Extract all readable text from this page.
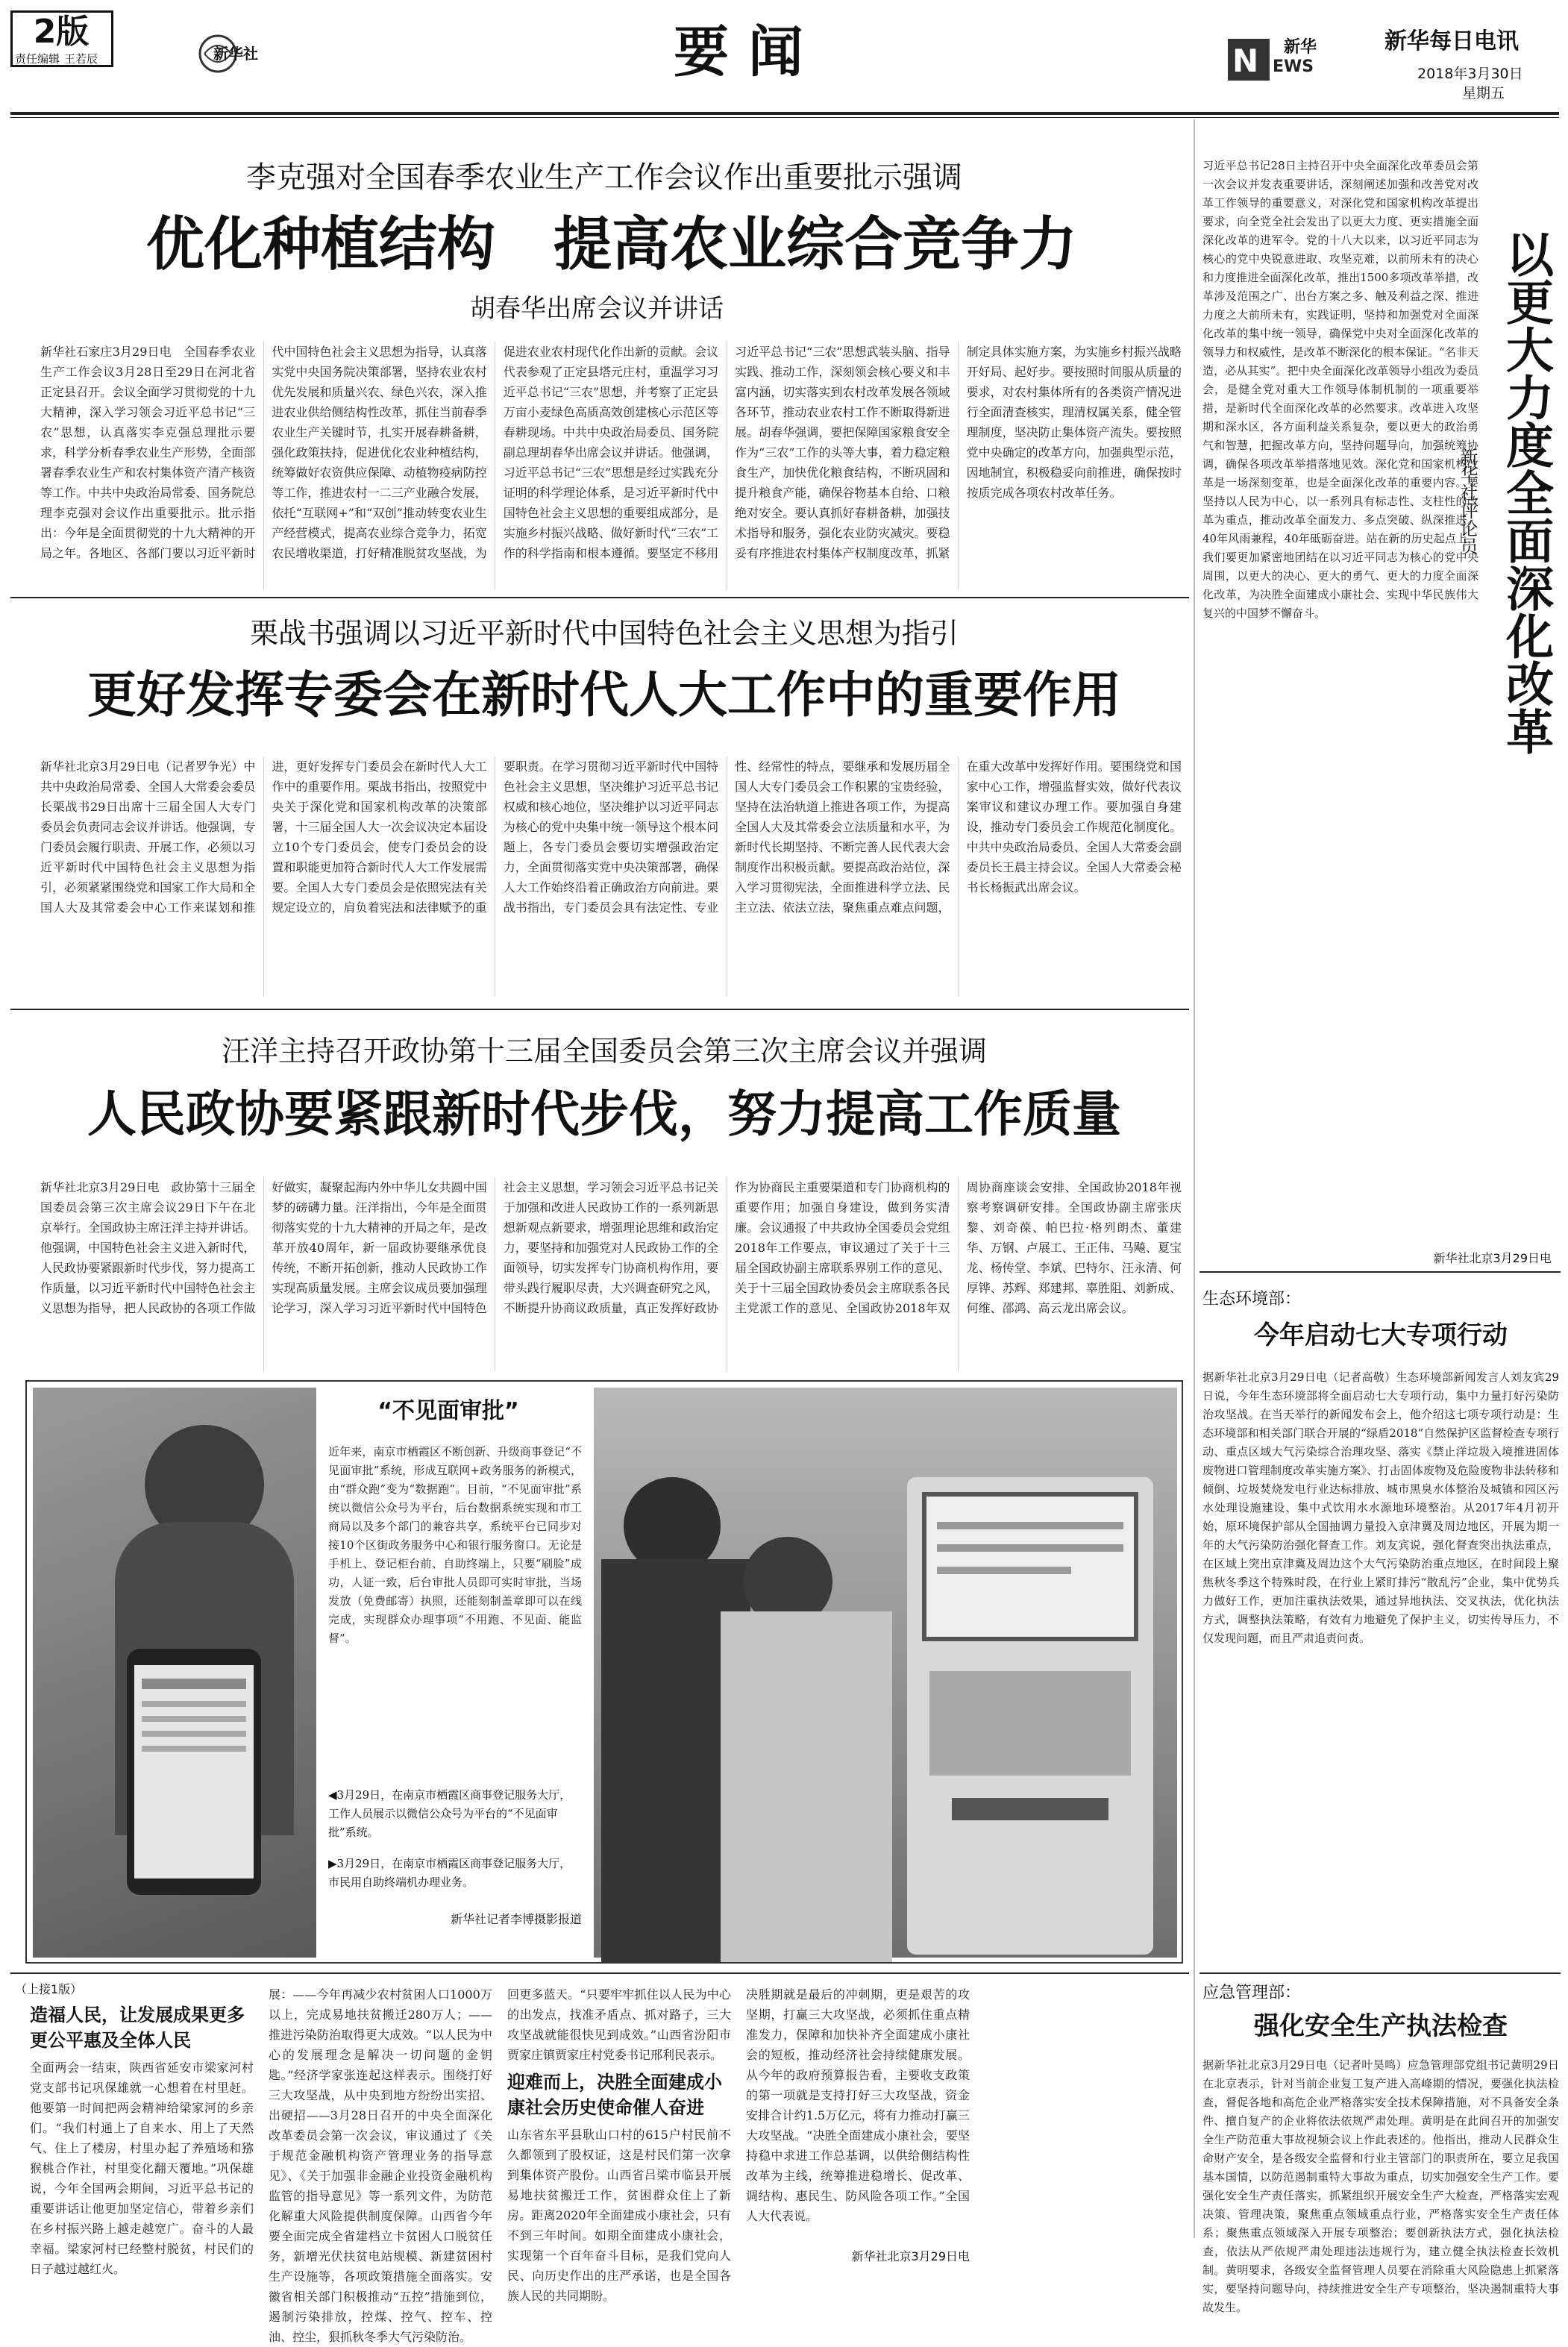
2版
责任编辑 王若辰	新华社	要 闻	N EWS
新华	新华每日电讯
2018年3月30日
星期五
李克强对全国春季农业生产工作会议作出重要批示强调
优化种植结构　提高农业综合竞争力
胡春华出席会议并讲话
新华社石家庄3月29日电　全国春季农业生产工作会议3月28日至29日在河北省正定县召开。会议全面学习贯彻党的十九大精神，深入学习领会习近平总书记“三农”思想，认真落实李克强总理批示要求，科学分析春季农业生产形势，全面部署春季农业生产和农村集体资产清产核资等工作。中共中央政治局常委、国务院总理李克强对会议作出重要批示。批示指出：今年是全面贯彻党的十九大精神的开局之年。各地区、各部门要以习近平新时代中国特色社会主义思想为指导，认真落实党中央国务院决策部署，坚持农业农村优先发展和质量兴农、绿色兴农，深入推进农业供给侧结构性改革，抓住当前春季农业生产关键时节，扎实开展春耕备耕，强化政策扶持，促进优化农业种植结构，统筹做好农资供应保障、动植物疫病防控等工作，推进农村一二三产业融合发展，依托“互联网+”和“双创”推动转变农业生产经营模式，提高农业综合竞争力，拓宽农民增收渠道，打好精准脱贫攻坚战，为促进农业农村现代化作出新的贡献。会议代表参观了正定县塔元庄村，重温学习习近平总书记“三农”思想，并考察了正定县万亩小麦绿色高质高效创建核心示范区等春耕现场。中共中央政治局委员、国务院副总理胡春华出席会议并讲话。他强调，习近平总书记“三农”思想是经过实践充分证明的科学理论体系，是习近平新时代中国特色社会主义思想的重要组成部分，是实施乡村振兴战略、做好新时代“三农”工作的科学指南和根本遵循。要坚定不移用习近平总书记“三农”思想武装头脑、指导实践、推动工作，深刻领会核心要义和丰富内涵，切实落实到农村改革发展各领域各环节，推动农业农村工作不断取得新进展。胡春华强调，要把保障国家粮食安全作为“三农”工作的头等大事，着力稳定粮食生产，加快优化粮食结构，不断巩固和提升粮食产能，确保谷物基本自给、口粮绝对安全。要认真抓好春耕备耕，加强技术指导和服务，强化农业防灾减灾。要稳妥有序推进农村集体产权制度改革，抓紧制定具体实施方案，为实施乡村振兴战略开好局、起好步。要按照时间服从质量的要求，对农村集体所有的各类资产情况进行全面清查核实，理清权属关系，健全管理制度，坚决防止集体资产流失。要按照党中央确定的改革方向，加强典型示范，因地制宜，积极稳妥向前推进，确保按时按质完成各项农村改革任务。
栗战书强调以习近平新时代中国特色社会主义思想为指引
更好发挥专委会在新时代人大工作中的重要作用
新华社北京3月29日电（记者罗争光）中共中央政治局常委、全国人大常委会委员长栗战书29日出席十三届全国人大专门委员会负责同志会议并讲话。他强调，专门委员会履行职责、开展工作，必须以习近平新时代中国特色社会主义思想为指引，必须紧紧围绕党和国家工作大局和全国人大及其常委会中心工作来谋划和推进，更好发挥专门委员会在新时代人大工作中的重要作用。栗战书指出，按照党中央关于深化党和国家机构改革的决策部署，十三届全国人大一次会议决定本届设立10个专门委员会，使专门委员会的设置和职能更加符合新时代人大工作发展需要。全国人大专门委员会是依照宪法有关规定设立的，肩负着宪法和法律赋予的重要职责。在学习贯彻习近平新时代中国特色社会主义思想，坚决维护习近平总书记权威和核心地位，坚决维护以习近平同志为核心的党中央集中统一领导这个根本问题上，各专门委员会要切实增强政治定力，全面贯彻落实党中央决策部署，确保人大工作始终沿着正确政治方向前进。栗战书指出，专门委员会具有法定性、专业性、经常性的特点，要继承和发展历届全国人大专门委员会工作积累的宝贵经验，坚持在法治轨道上推进各项工作，为提高全国人大及其常委会立法质量和水平，为新时代长期坚持、不断完善人民代表大会制度作出积极贡献。要提高政治站位，深入学习贯彻宪法，全面推进科学立法、民主立法、依法立法，聚焦重点难点问题，在重大改革中发挥好作用。要围绕党和国家中心工作，增强监督实效，做好代表议案审议和建议办理工作。要加强自身建设，推动专门委员会工作规范化制度化。中共中央政治局委员、全国人大常委会副委员长王晨主持会议。全国人大常委会秘书长杨振武出席会议。
汪洋主持召开政协第十三届全国委员会第三次主席会议并强调
人民政协要紧跟新时代步伐，努力提高工作质量
新华社北京3月29日电　政协第十三届全国委员会第三次主席会议29日下午在北京举行。全国政协主席汪洋主持并讲话。他强调，中国特色社会主义进入新时代，人民政协要紧跟新时代步伐，努力提高工作质量，以习近平新时代中国特色社会主义思想为指导，把人民政协的各项工作做好做实，凝聚起海内外中华儿女共圆中国梦的磅礴力量。汪洋指出，今年是全面贯彻落实党的十九大精神的开局之年，是改革开放40周年，新一届政协要继承优良传统，不断开拓创新，推动人民政协工作实现高质量发展。主席会议成员要加强理论学习，深入学习习近平新时代中国特色社会主义思想，学习领会习近平总书记关于加强和改进人民政协工作的一系列新思想新观点新要求，增强理论思维和政治定力，要坚持和加强党对人民政协工作的全面领导，切实发挥专门协商机构作用，要带头践行履职尽责，大兴调查研究之风，不断提升协商议政质量，真正发挥好政协作为协商民主重要渠道和专门协商机构的重要作用；加强自身建设，做到务实清廉。会议通报了中共政协全国委员会党组2018年工作要点，审议通过了关于十三届全国政协副主席联系界别工作的意见、关于十三届全国政协委员会主席联系各民主党派工作的意见、全国政协2018年双周协商座谈会安排、全国政协2018年视察考察调研安排。全国政协副主席张庆黎、刘奇葆、帕巴拉·格列朗杰、董建华、万钢、卢展工、王正伟、马飚、夏宝龙、杨传堂、李斌、巴特尔、汪永清、何厚铧、苏辉、郑建邦、辜胜阻、刘新成、何维、邵鸿、高云龙出席会议。
“不见面审批”
近年来，南京市栖霞区不断创新、升级商事登记“不见面审批”系统，形成互联网+政务服务的新模式，由“群众跑”变为“数据跑”。目前，“不见面审批”系统以微信公众号为平台，后台数据系统实现和市工商局以及多个部门的兼容共享，系统平台已同步对接10个区街政务服务中心和银行服务窗口。无论是手机上、登记柜台前、自助终端上，只要“刷脸”成功，人证一致，后台审批人员即可实时审批，当场发放（免费邮寄）执照，还能刻制盖章即可以在线完成，实现群众办理事项“不用跑、不见面、能监督”。
◀3月29日，在南京市栖霞区商事登记服务大厅，工作人员展示以微信公众号为平台的“不见面审批”系统。
▶3月29日，在南京市栖霞区商事登记服务大厅，市民用自助终端机办理业务。
新华社记者李博摄影报道
（上接1版）
造福人民，让发展成果更多更公平惠及全体人民
全面两会一结束，陕西省延安市梁家河村党支部书记巩保雄就一心想着在村里赶。他要第一时间把两会精神给梁家河的乡亲们。“我们村通上了自来水、用上了天然气、住上了楼房，村里办起了养殖场和猕猴桃合作社，村里变化翻天覆地。”巩保雄说，今年全国两会期间，习近平总书记的重要讲话让他更加坚定信心，带着乡亲们在乡村振兴路上越走越宽广。奋斗的人最幸福。梁家河村已经整村脱贫，村民们的日子越过越红火。
展：——今年再减少农村贫困人口1000万以上，完成易地扶贫搬迁280万人；——推进污染防治取得更大成效。“以人民为中心的发展理念是解决一切问题的金钥匙。”经济学家张连起这样表示。围绕打好三大攻坚战，从中央到地方纷纷出实招、出硬招——3月28日召开的中央全面深化改革委员会第一次会议，审议通过了《关于规范金融机构资产管理业务的指导意见》、《关于加强非金融企业投资金融机构监管的指导意见》等一系列文件，为防范化解重大风险提供制度保障。山西省今年要全面完成全省建档立卡贫困人口脱贫任务，新增光伏扶贫电站规模、新建贫困村生产设施等，各项政策措施全面落实。安徽省相关部门积极推动“五控”措施到位，遏制污染排放，控煤、控气、控车、控油、控尘，狠抓秋冬季大气污染防治。
回更多蓝天。“只要牢牢抓住以人民为中心的出发点，找准矛盾点、抓对路子，三大攻坚战就能很快见到成效。”山西省汾阳市贾家庄镇贾家庄村党委书记邢利民表示。
迎难而上，决胜全面建成小康社会历史使命催人奋进
山东省东平县耿山口村的615户村民前不久都领到了股权证，这是村民们第一次拿到集体资产股份。山西省吕梁市临县开展易地扶贫搬迁工作，贫困群众住上了新房。距离2020年全面建成小康社会，只有不到三年时间。如期全面建成小康社会，实现第一个百年奋斗目标，是我们党向人民、向历史作出的庄严承诺，也是全国各族人民的共同期盼。
决胜期就是最后的冲刺期，更是艰苦的攻坚期，打赢三大攻坚战，必须抓住重点精准发力，保障和加快补齐全面建成小康社会的短板，推动经济社会持续健康发展。从今年的政府预算报告看，主要收支政策的第一项就是支持打好三大攻坚战，资金安排合计约1.5万亿元，将有力推动打赢三大攻坚战。“决胜全面建成小康社会，要坚持稳中求进工作总基调，以供给侧结构性改革为主线，统筹推进稳增长、促改革、调结构、惠民生、防风险各项工作。”全国人大代表说。
新华社北京3月29日电
习近平总书记28日主持召开中央全面深化改革委员会第一次会议并发表重要讲话，深刻阐述加强和改善党对改革工作领导的重要意义，对深化党和国家机构改革提出要求，向全党全社会发出了以更大力度、更实措施全面深化改革的进军令。党的十八大以来，以习近平同志为核心的党中央锐意进取、攻坚克难，以前所未有的决心和力度推进全面深化改革，推出1500多项改革举措，改革涉及范围之广、出台方案之多、触及利益之深、推进力度之大前所未有，实践证明，坚持和加强党对全面深化改革的集中统一领导，确保党中央对全面深化改革的领导力和权威性，是改革不断深化的根本保证。“名非天造，必从其实”。把中央全面深化改革领导小组改为委员会，是健全党对重大工作领导体制机制的一项重要举措，是新时代全面深化改革的必然要求。改革进入攻坚期和深水区，各方面利益关系复杂，要以更大的政治勇气和智慧，把握改革方向，坚持问题导向，加强统筹协调，确保各项改革举措落地见效。深化党和国家机构改革是一场深刻变革，也是全面深化改革的重要内容。要坚持以人民为中心，以一系列具有标志性、支柱性的改革为重点，推动改革全面发力、多点突破、纵深推进。40年风雨兼程，40年砥砺奋进。站在新的历史起点上，我们要更加紧密地团结在以习近平同志为核心的党中央周围，以更大的决心、更大的勇气、更大的力度全面深化改革，为决胜全面建成小康社会、实现中华民族伟大复兴的中国梦不懈奋斗。	以更大力度全面深化改革
新华社评论员
新华社北京3月29日电
生态环境部：
今年启动七大专项行动
据新华社北京3月29日电（记者高敬）生态环境部新闻发言人刘友宾29日说，今年生态环境部将全面启动七大专项行动，集中力量打好污染防治攻坚战。在当天举行的新闻发布会上，他介绍这七项专项行动是：生态环境部和相关部门联合开展的“绿盾2018”自然保护区监督检查专项行动、重点区域大气污染综合治理攻坚、落实《禁止洋垃圾入境推进固体废物进口管理制度改革实施方案》、打击固体废物及危险废物非法转移和倾倒、垃圾焚烧发电行业达标排放、城市黑臭水体整治及城镇和园区污水处理设施建设、集中式饮用水水源地环境整治。从2017年4月初开始，原环境保护部从全国抽调力量投入京津冀及周边地区，开展为期一年的大气污染防治强化督查工作。刘友宾说，强化督查突出执法重点，在区域上突出京津冀及周边这个大气污染防治重点地区，在时间段上聚焦秋冬季这个特殊时段，在行业上紧盯排污“散乱污”企业，集中优势兵力做好工作，更加注重执法效果，通过异地执法、交叉执法，优化执法方式，调整执法策略，有效有力地避免了保护主义，切实传导压力，不仅发现问题，而且严肃追责问责。
应急管理部：
强化安全生产执法检查
据新华社北京3月29日电（记者叶昊鸣）应急管理部党组书记黄明29日在北京表示，针对当前企业复工复产进入高峰期的情况，要强化执法检查，督促各地和高危企业严格落实安全技术保障措施，对不具备安全条件、擅自复产的企业将依法依规严肃处理。黄明是在此间召开的加强安全生产防范重大事故视频会议上作此表述的。他指出，推动人民群众生命财产安全，是各级安全监督和行业主管部门的职责所在，要立足我国基本国情，以防范遏制重特大事故为重点，切实加强安全生产工作。要强化安全生产责任落实，抓紧组织开展安全生产大检查，严格落实宏观决策、管理决策，聚焦重点领域重点行业，严格落实安全生产责任体系；聚焦重点领域深入开展专项整治；要创新执法方式，强化执法检查，依法从严依规严肃处理违法违规行为，建立健全执法检查长效机制。黄明要求，各级安全监督管理人员要在消除重大风险隐患上抓紧落实，要坚持问题导向，持续推进安全生产专项整治，坚决遏制重特大事故发生。
